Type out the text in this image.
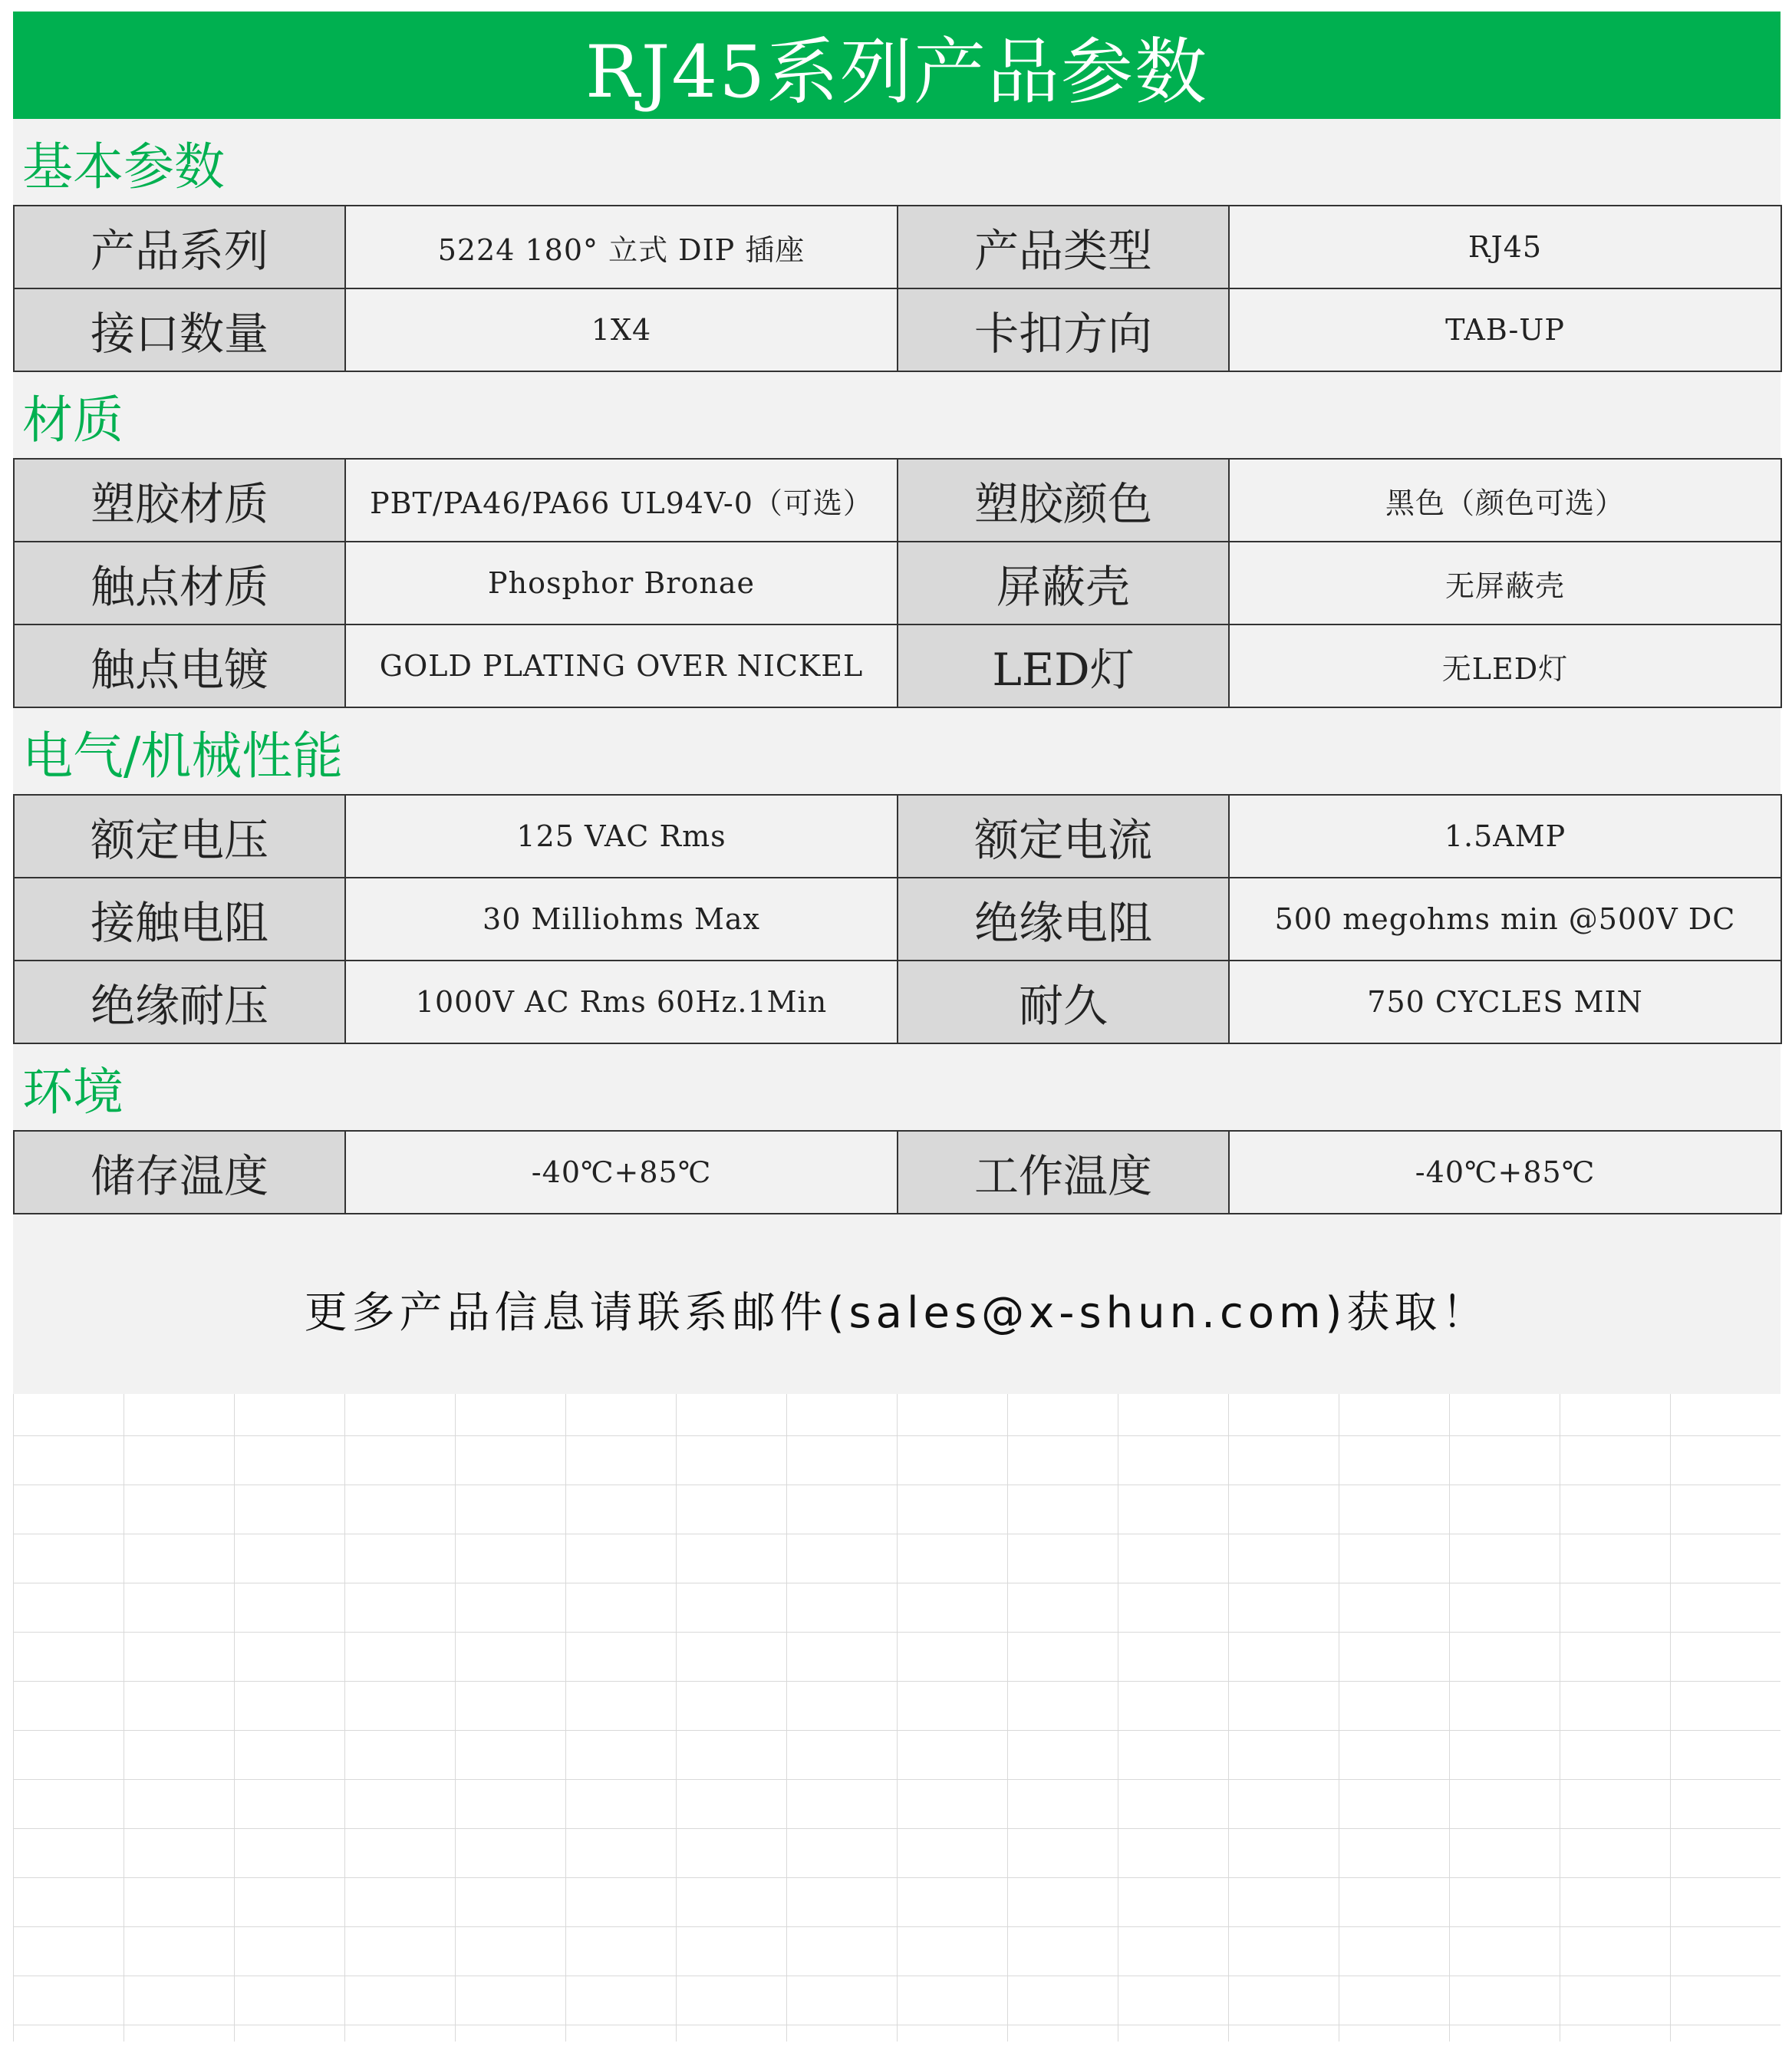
RJ45系列产品参数
基本参数
产品系列	5224 180° 立式 DIP 插座	产品类型	RJ45
接口数量	1X4	卡扣方向	TAB-UP
材质
塑胶材质	PBT/PA46/PA66 UL94V-0（可选）	塑胶颜色	黑色（颜色可选）
触点材质	Phosphor Bronae	屏蔽壳	无屏蔽壳
触点电镀	GOLD PLATING OVER NICKEL	LED灯	无LED灯
电气/机械性能
额定电压	125 VAC Rms	额定电流	1.5AMP
接触电阻	30 Milliohms Max	绝缘电阻	500 megohms min @500V DC
绝缘耐压	1000V AC Rms 60Hz.1Min	耐久	750 CYCLES MIN
环境
储存温度	-40℃+85℃	工作温度	-40℃+85℃
更多产品信息请联系邮件(sales@x-shun.com)获取！
